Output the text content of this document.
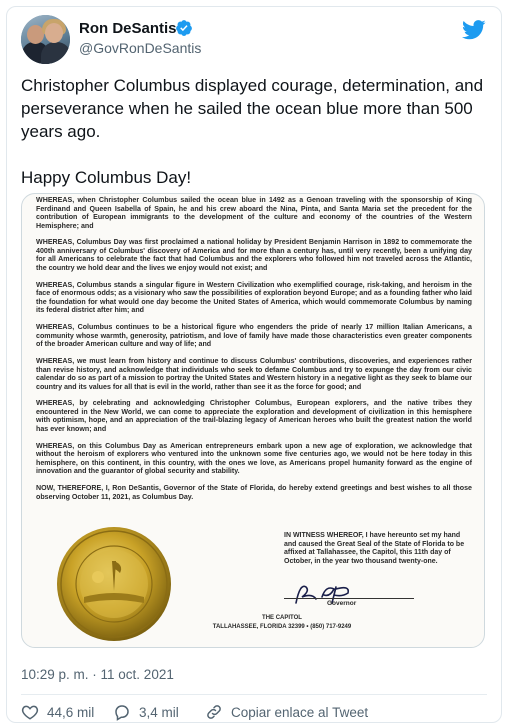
Ron DeSantis
@GovRonDeSantis

Christopher Columbus displayed courage, determination, and perseverance when he sailed the ocean blue more than 500 years ago.

Happy Columbus Day!

WHEREAS, when Christopher Columbus sailed the ocean blue in 1492 as a Genoan traveling with the sponsorship of King Ferdinand and Queen Isabella of Spain, he and his crew aboard the Nina, Pinta, and Santa Maria set the precedent for the contribution of European immigrants to the development of the culture and economy of the countries of the Western Hemisphere; and
WHEREAS, Columbus Day was first proclaimed a national holiday by President Benjamin Harrison in 1892 to commemorate the 400th anniversary of Columbus' discovery of America and for more than a century has, until very recently, been a unifying day for all Americans to celebrate the fact that had Columbus and the explorers who followed him not traveled across the Atlantic, the country we hold dear and the lives we enjoy would not exist; and
WHEREAS, Columbus stands a singular figure in Western Civilization who exemplified courage, risk-taking, and heroism in the face of enormous odds; as a visionary who saw the possibilities of exploration beyond Europe; and as a founding father who laid the foundation for what would one day become the United States of America, which would commemorate Columbus by naming its federal district after him; and
WHEREAS, Columbus continues to be a historical figure who engenders the pride of nearly 17 million Italian Americans, a community whose warmth, generosity, patriotism, and love of family have made those characteristics even greater components of the broader American culture and way of life; and
WHEREAS, we must learn from history and continue to discuss Columbus' contributions, discoveries, and experiences rather than revise history, and acknowledge that individuals who seek to defame Columbus and try to expunge the day from our civic calendar do so as part of a mission to portray the United States and Western history in a negative light as they seek to blame our country and its values for all that is evil in the world, rather than see it as the force for good; and
WHEREAS, by celebrating and acknowledging Christopher Columbus, European explorers, and the native tribes they encountered in the New World, we can come to appreciate the exploration and development of civilization in this hemisphere with optimism, hope, and an appreciation of the trail-blazing legacy of American heroes who built the greatest nation the world has ever known; and
WHEREAS, on this Columbus Day as American entrepreneurs embark upon a new age of exploration, we acknowledge that without the heroism of explorers who ventured into the unknown some five centuries ago, we would not be here today in this hemisphere, on this continent, in this country, with the ones we love, as Americans propel humanity forward as the engine of innovation and the guarantor of global security and stability.
NOW, THEREFORE, I, Ron DeSantis, Governor of the State of Florida, do hereby extend greetings and best wishes to all those observing October 11, 2021, as Columbus Day.
IN WITNESS WHEREOF, I have hereunto set my hand and caused the Great Seal of the State of Florida to be affixed at Tallahassee, the Capitol, this 11th day of October, in the year two thousand twenty-one.
Governor
THE CAPITOL
TALLAHASSEE, FLORIDA 32399 • (850) 717-9249
10:29 p. m. · 11 oct. 2021
44,6 mil	3,4 mil	Copiar enlace al Tweet
